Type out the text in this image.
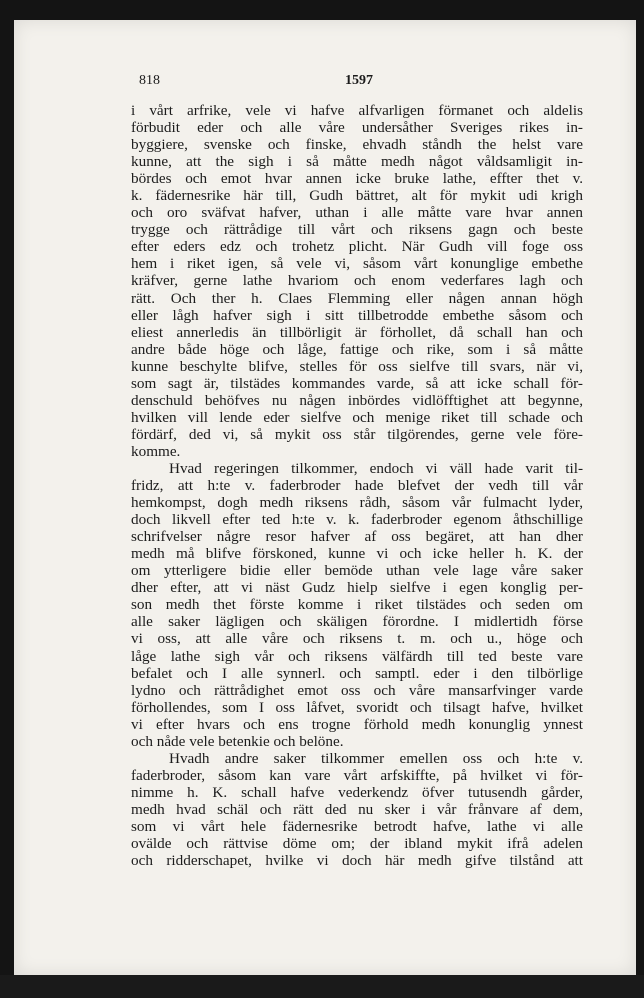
818	1597
i vårt arfrike, vele vi hafve alfvarligen förmanet och aldelis
förbudit eder och alle våre undersåther Sveriges rikes in-
byggiere, svenske och finske, ehvadh ståndh the helst vare
kunne, att the sigh i så måtte medh något våldsamligit in-
bördes och emot hvar annen icke bruke lathe, effter thet v.
k. fädernesrike här till, Gudh bättret, alt för mykit udi krigh
och oro sväfvat hafver, uthan i alle måtte vare hvar annen
trygge och rättrådige till vårt och riksens gagn och beste
efter eders edz och trohetz plicht. När Gudh vill foge oss
hem i riket igen, så vele vi, såsom vårt konunglige embethe
kräfver, gerne lathe hvariom och enom vederfares lagh och
rätt. Och ther h. Claes Flemming eller någen annan högh
eller lågh hafver sigh i sitt tillbetrodde embethe såsom och
eliest annerledis än tillbörligit är förhollet, då schall han och
andre både höge och låge, fattige och rike, som i så måtte
kunne beschylte blifve, stelles för oss sielfve till svars, när vi,
som sagt är, tilstädes kommandes varde, så att icke schall för-
denschuld behöfves nu någen inbördes vidlöfftighet att begynne,
hvilken vill lende eder sielfve och menige riket till schade och
fördärf, ded vi, så mykit oss står tilgörendes, gerne vele före-
komme.
Hvad regeringen tilkommer, endoch vi väll hade varit til-
fridz, att h:te v. faderbroder hade blefvet der vedh till vår
hemkompst, dogh medh riksens rådh, såsom vår fulmacht lyder,
doch likvell efter ted h:te v. k. faderbroder egenom åthschillige
schrifvelser någre resor hafver af oss begäret, att han dher
medh må blifve förskoned, kunne vi och icke heller h. K. der
om ytterligere bidie eller bemöde uthan vele lage våre saker
dher efter, att vi näst Gudz hielp sielfve i egen konglig per-
son medh thet förste komme i riket tilstädes och seden om
alle saker lägligen och skäligen förordne. I midlertidh förse
vi oss, att alle våre och riksens t. m. och u., höge och
låge lathe sigh vår och riksens välfärdh till ted beste vare
befalet och I alle synnerl. och samptl. eder i den tilbörlige
lydno och rättrådighet emot oss och våre mansarfvinger varde
förhollendes, som I oss låfvet, svoridt och tilsagt hafve, hvilket
vi efter hvars och ens trogne förhold medh konunglig ynnest
och nåde vele betenkie och belöne.
Hvadh andre saker tilkommer emellen oss och h:te v.
faderbroder, såsom kan vare vårt arfskiffte, på hvilket vi för-
nimme h. K. schall hafve vederkendz öfver tutusendh gårder,
medh hvad schäl och rätt ded nu sker i vår frånvare af dem,
som vi vårt hele fädernesrike betrodt hafve, lathe vi alle
ovälde och rättvise döme om; der ibland mykit ifrå adelen
och ridderschapet, hvilke vi doch här medh gifve tilstånd att
